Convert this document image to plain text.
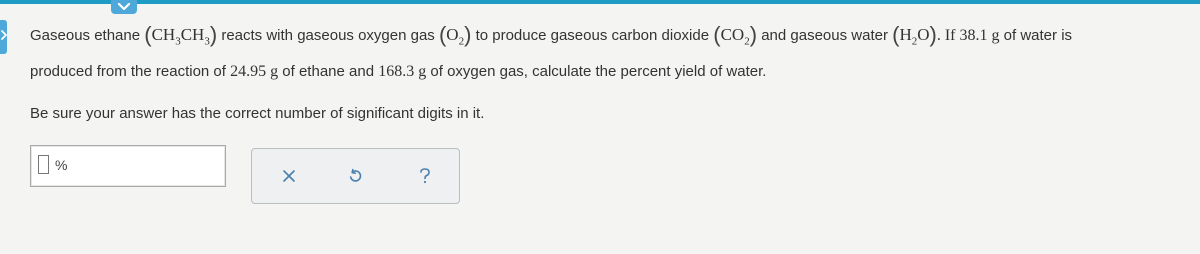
Gaseous ethane $(CH_3CH_3)$ reacts with gaseous oxygen gas $(O_2)$ to produce gaseous carbon dioxide $(CO_2)$ and gaseous water $(H_2O)$. If 38.1 g of water is
produced from the reaction of 24.95 g of ethane and 168.3 g of oxygen gas, calculate the percent yield of water.
Be sure your answer has the correct number of significant digits in it.
%
